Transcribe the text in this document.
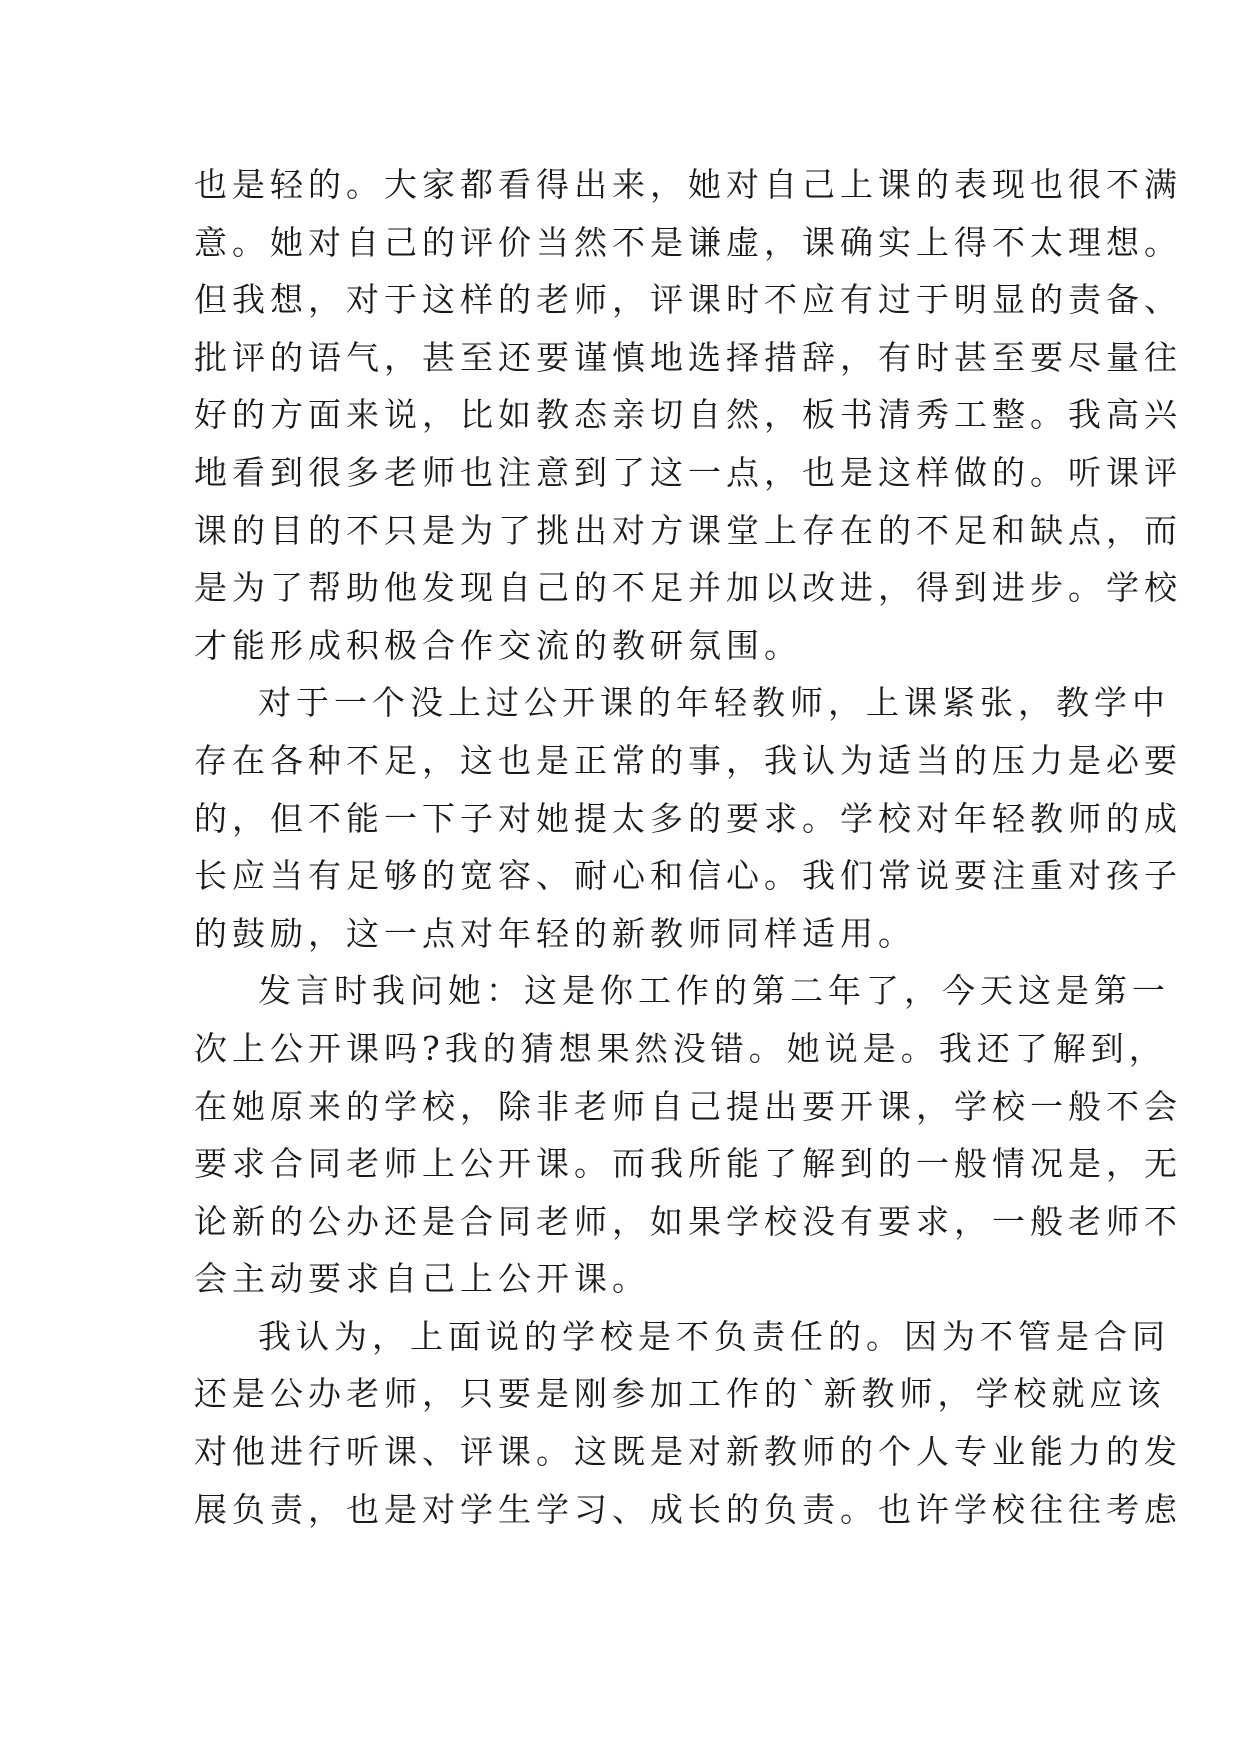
也是轻的。大家都看得出来，她对自己上课的表现也很不满
意。她对自己的评价当然不是谦虚，课确实上得不太理想。
但我想，对于这样的老师，评课时不应有过于明显的责备、
批评的语气，甚至还要谨慎地选择措辞，有时甚至要尽量往
好的方面来说，比如教态亲切自然，板书清秀工整。我高兴
地看到很多老师也注意到了这一点，也是这样做的。听课评
课的目的不只是为了挑出对方课堂上存在的不足和缺点，而
是为了帮助他发现自己的不足并加以改进，得到进步。学校
才能形成积极合作交流的教研氛围。
对于一个没上过公开课的年轻教师，上课紧张，教学中
存在各种不足，这也是正常的事，我认为适当的压力是必要
的，但不能一下子对她提太多的要求。学校对年轻教师的成
长应当有足够的宽容、耐心和信心。我们常说要注重对孩子
的鼓励，这一点对年轻的新教师同样适用。
发言时我问她：这是你工作的第二年了，今天这是第一
次上公开课吗?我的猜想果然没错。她说是。我还了解到，
在她原来的学校，除非老师自己提出要开课，学校一般不会
要求合同老师上公开课。而我所能了解到的一般情况是，无
论新的公办还是合同老师，如果学校没有要求，一般老师不
会主动要求自己上公开课。
我认为，上面说的学校是不负责任的。因为不管是合同
还是公办老师，只要是刚参加工作的`新教师，学校就应该
对他进行听课、评课。这既是对新教师的个人专业能力的发
展负责，也是对学生学习、成长的负责。也许学校往往考虑
